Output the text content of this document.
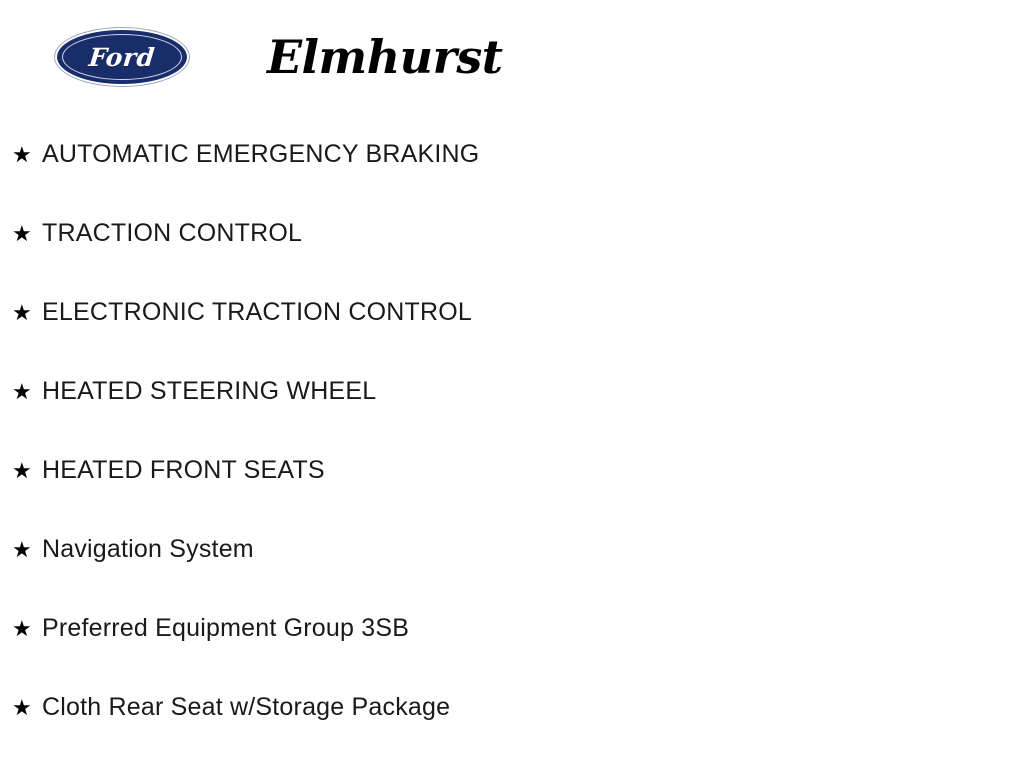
Ford Elmhurst
★ AUTOMATIC EMERGENCY BRAKING
★ TRACTION CONTROL
★ ELECTRONIC TRACTION CONTROL
★ HEATED STEERING WHEEL
★ HEATED FRONT SEATS
★ Navigation System
★ Preferred Equipment Group 3SB
★ Cloth Rear Seat w/Storage Package
